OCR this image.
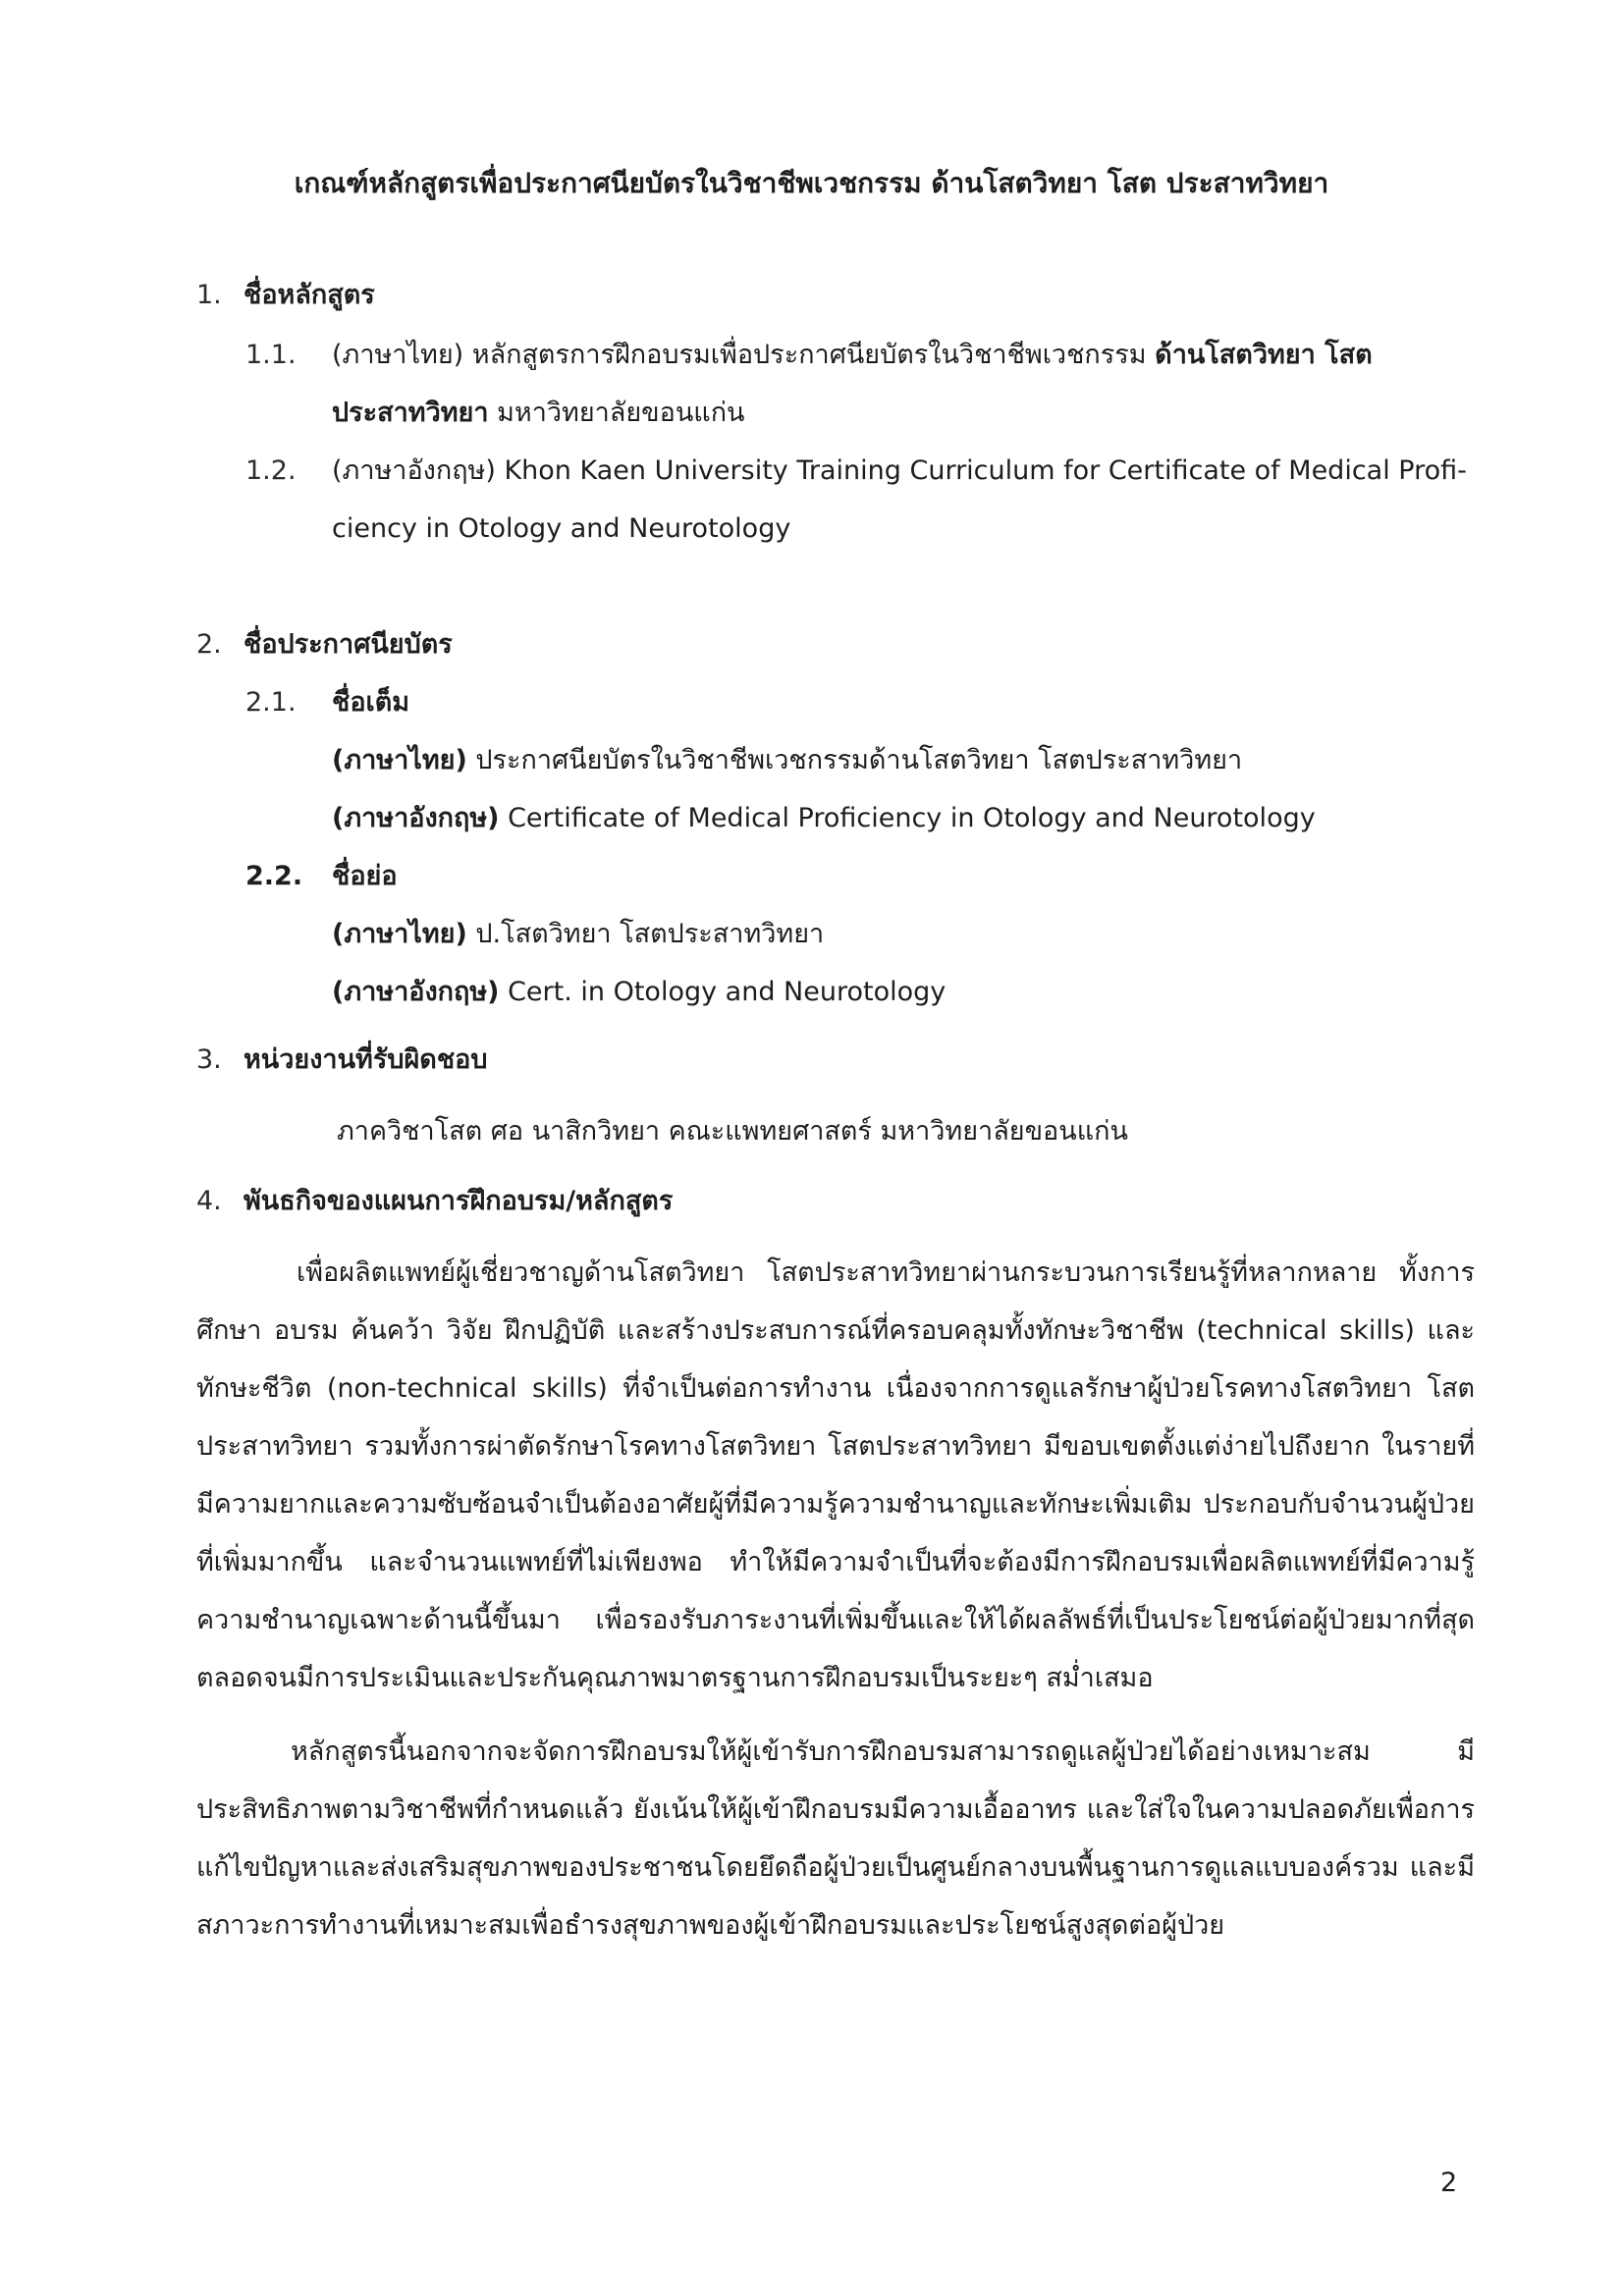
เกณฑ์หลักสูตรเพื่อประกาศนียบัตรในวิชาชีพเวชกรรม ด้านโสตวิทยา โสต ประสาทวิทยา
1. ชื่อหลักสูตร
1.1. (ภาษาไทย) หลักสูตรการฝึกอบรมเพื่อประกาศนียบัตรในวิชาชีพเวชกรรม ด้านโสตวิทยา โสต
ประสาทวิทยา มหาวิทยาลัยขอนแก่น
1.2. (ภาษาอังกฤษ) Khon Kaen University Training Curriculum for Certificate of Medical Profi-
ciency in Otology and Neurotology
2. ชื่อประกาศนียบัตร
2.1. ชื่อเต็ม
(ภาษาไทย) ประกาศนียบัตรในวิชาชีพเวชกรรมด้านโสตวิทยา โสตประสาทวิทยา
(ภาษาอังกฤษ) Certificate of Medical Proficiency in Otology and Neurotology
2.2. ชื่อย่อ
(ภาษาไทย) ป.โสตวิทยา โสตประสาทวิทยา
(ภาษาอังกฤษ) Cert. in Otology and Neurotology
3. หน่วยงานที่รับผิดชอบ
ภาควิชาโสต ศอ นาสิกวิทยา คณะแพทยศาสตร์ มหาวิทยาลัยขอนแก่น
4. พันธกิจของแผนการฝึกอบรม/หลักสูตร
เพื่อผลิตแพทย์ผู้เชี่ยวชาญด้านโสตวิทยา โสตประสาทวิทยาผ่านกระบวนการเรียนรู้ที่หลากหลาย ทั้งการศึกษา อบรม ค้นคว้า วิจัย ฝึกปฏิบัติ และสร้างประสบการณ์ที่ครอบคลุมทั้งทักษะวิชาชีพ (technical skills) และทักษะชีวิต (non-technical skills) ที่จำเป็นต่อการทำงาน เนื่องจากการดูแลรักษาผู้ป่วยโรคทางโสตวิทยา โสตประสาทวิทยา รวมทั้งการผ่าตัดรักษาโรคทางโสตวิทยา โสตประสาทวิทยา มีขอบเขตตั้งแต่ง่ายไปถึงยาก ในรายที่มีความยากและความซับซ้อนจำเป็นต้องอาศัยผู้ที่มีความรู้ความชำนาญและทักษะเพิ่มเติม ประกอบกับจำนวนผู้ป่วยที่เพิ่มมากขึ้น และจำนวนแพทย์ที่ไม่เพียงพอ ทำให้มีความจำเป็นที่จะต้องมีการฝึกอบรมเพื่อผลิตแพทย์ที่มีความรู้ความชำนาญเฉพาะด้านนี้ขึ้นมา เพื่อรองรับภาระงานที่เพิ่มขึ้นและให้ได้ผลลัพธ์ที่เป็นประโยชน์ต่อผู้ป่วยมากที่สุด ตลอดจนมีการประเมินและประกันคุณภาพมาตรฐานการฝึกอบรมเป็นระยะๆ สม่ำเสมอ
หลักสูตรนี้นอกจากจะจัดการฝึกอบรมให้ผู้เข้ารับการฝึกอบรมสามารถดูแลผู้ป่วยได้อย่างเหมาะสม มีประสิทธิภาพตามวิชาชีพที่กำหนดแล้ว ยังเน้นให้ผู้เข้าฝึกอบรมมีความเอื้ออาทร และใส่ใจในความปลอดภัยเพื่อการแก้ไขปัญหาและส่งเสริมสุขภาพของประชาชนโดยยึดถือผู้ป่วยเป็นศูนย์กลางบนพื้นฐานการดูแลแบบองค์รวม และมีสภาวะการทำงานที่เหมาะสมเพื่อธำรงสุขภาพของผู้เข้าฝึกอบรมและประโยชน์สูงสุดต่อผู้ป่วย
2
